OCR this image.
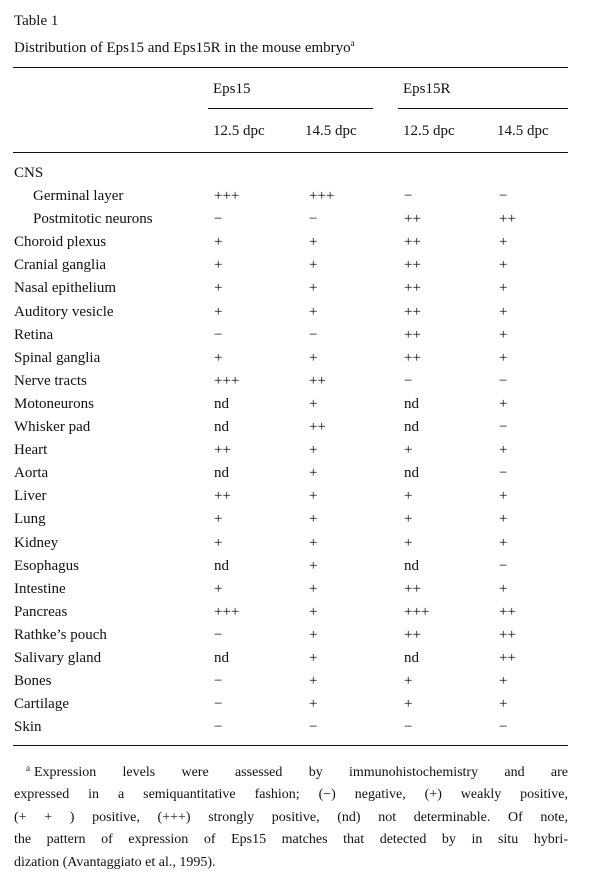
Table 1
Distribution of Eps15 and Eps15R in the mouse embryo$^a$
Eps15	Eps15R
12.5 dpc	14.5 dpc	12.5 dpc	14.5 dpc
CNS
Germinal layer	+++	+++	−	−
Postmitotic neurons	−	−	++	++
Choroid plexus	+	+	++	+
Cranial ganglia	+	+	++	+
Nasal epithelium	+	+	++	+
Auditory vesicle	+	+	++	+
Retina	−	−	++	+
Spinal ganglia	+	+	++	+
Nerve tracts	+++	++	−	−
Motoneurons	nd	+	nd	+
Whisker pad	nd	++	nd	−
Heart	++	+	+	+
Aorta	nd	+	nd	−
Liver	++	+	+	+
Lung	+	+	+	+
Kidney	+	+	+	+
Esophagus	nd	+	nd	−
Intestine	+	+	++	+
Pancreas	+++	+	+++	++
Rathke’s pouch	−	+	++	++
Salivary gland	nd	+	nd	++
Bones	−	+	+	+
Cartilage	−	+	+	+
Skin	−	−	−	−
$^a$ Expression levels were assessed by immunohistochemistry and are
expressed in a semiquantitative fashion; (−) negative, (+) weakly positive,
(+ + ) positive, (+++) strongly positive, (nd) not determinable. Of note,
the pattern of expression of Eps15 matches that detected by in situ hybri-
dization (Avantaggiato et al., 1995).
